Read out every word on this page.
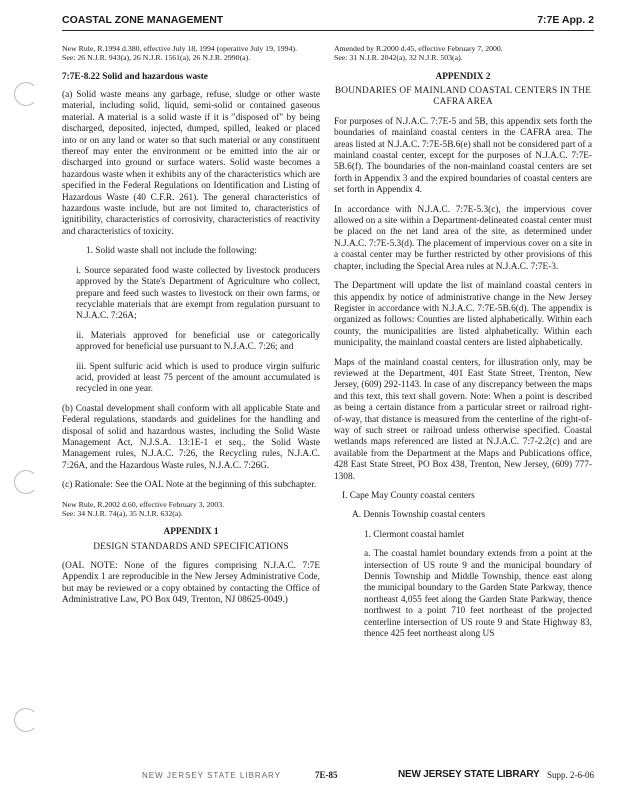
COASTAL ZONE MANAGEMENT	7:7E App. 2
New Rule, R.1994 d.380, effective July 18, 1994 (operative July 19, 1994).
See: 26 N.J.R. 943(a), 26 N.J.R. 1561(a), 26 N.J.R. 2990(a).
7:7E-8.22 Solid and hazardous waste

(a) Solid waste means any garbage, refuse, sludge or other waste material, including solid, liquid, semi-solid or contained gaseous material. A material is a solid waste if it is "disposed of" by being discharged, deposited, injected, dumped, spilled, leaked or placed into or on any land or water so that such material or any constituent thereof may enter the environment or be emitted into the air or discharged into ground or surface waters. Solid waste becomes a hazardous waste when it exhibits any of the characteristics which are specified in the Federal Regulations on Identification and Listing of Hazardous Waste (40 C.F.R. 261). The general characteristics of hazardous waste include, but are not limited to, characteristics of ignitibility, characteristics of corrosivity, characteristics of reactivity and characteristics of toxicity.

1. Solid waste shall not include the following:

i. Source separated food waste collected by livestock producers approved by the State's Department of Agriculture who collect, prepare and feed such wastes to livestock on their own farms, or recyclable materials that are exempt from regulation pursuant to N.J.A.C. 7:26A;

ii. Materials approved for beneficial use or categorically approved for beneficial use pursuant to N.J.A.C. 7:26; and

iii. Spent sulfuric acid which is used to produce virgin sulfuric acid, provided at least 75 percent of the amount accumulated is recycled in one year.

(b) Coastal development shall conform with all applicable State and Federal regulations, standards and guidelines for the handling and disposal of solid and hazardous wastes, including the Solid Waste Management Act, N.J.S.A. 13:1E-1 et seq., the Solid Waste Management rules, N.J.A.C. 7:26, the Recycling rules, N.J.A.C. 7:26A, and the Hazardous Waste rules, N.J.A.C. 7:26G.

(c) Rationale: See the OAL Note at the beginning of this subchapter.

New Rule, R.2002 d.60, effective February 3, 2003.
See: 34 N.J.R. 74(a), 35 N.J.R. 632(a).
APPENDIX 1
DESIGN STANDARDS AND SPECIFICATIONS

(OAL NOTE: None of the figures comprising N.J.A.C. 7:7E Appendix 1 are reproducible in the New Jersey Administrative Code, but may be reviewed or a copy obtained by contacting the Office of Administrative Law, PO Box 049, Trenton, NJ 08625-0049.)

Amended by R.2000 d.45, effective February 7, 2000.
See: 31 N.J.R. 2042(a), 32 N.J.R. 503(a).
APPENDIX 2
BOUNDARIES OF MAINLAND COASTAL CENTERS IN THE CAFRA AREA

For purposes of N.J.A.C. 7:7E-5 and 5B, this appendix sets forth the boundaries of mainland coastal centers in the CAFRA area. The areas listed at N.J.A.C. 7:7E-5B.6(e) shall not be considered part of a mainland coastal center, except for the purposes of N.J.A.C. 7:7E-5B.6(f). The boundaries of the non-mainland coastal centers are set forth in Appendix 3 and the expired boundaries of coastal centers are set forth in Appendix 4.

In accordance with N.J.A.C. 7:7E-5.3(c), the impervious cover allowed on a site within a Department-delineated coastal center must be placed on the net land area of the site, as determined under N.J.A.C. 7:7E-5.3(d). The placement of impervious cover on a site in a coastal center may be further restricted by other provisions of this chapter, including the Special Area rules at N.J.A.C. 7:7E-3.

The Department will update the list of mainland coastal centers in this appendix by notice of administrative change in the New Jersey Register in accordance with N.J.A.C. 7:7E-5B.6(d). The appendix is organized as follows: Counties are listed alphabetically. Within each county, the municipalities are listed alphabetically. Within each municipality, the mainland coastal centers are listed alphabetically.

Maps of the mainland coastal centers, for illustration only, may be reviewed at the Department, 401 East State Street, Trenton, New Jersey, (609) 292-1143. In case of any discrepancy between the maps and this text, this text shall govern. Note: When a point is described as being a certain distance from a particular street or railroad right-of-way, that distance is measured from the centerline of the right-of-way of such street or railroad unless otherwise specified. Coastal wetlands maps referenced are listed at N.J.A.C. 7:7-2.2(c) and are available from the Department at the Maps and Publications office, 428 East State Street, PO Box 438, Trenton, New Jersey, (609) 777-1308.

I. Cape May County coastal centers

A. Dennis Township coastal centers

1. Clermont coastal hamlet

a. The coastal hamlet boundary extends from a point at the intersection of US route 9 and the municipal boundary of Dennis Township and Middle Township, thence east along the municipal boundary to the Garden State Parkway, thence northeast 4,055 feet along the Garden State Parkway, thence northwest to a point 710 feet northeast of the projected centerline intersection of US route 9 and State Highway 83, thence 425 feet northeast along US

NEW JERSEY STATE LIBRARY	7E-85	NEW JERSEY STATE LIBRARY Supp. 2-6-06
